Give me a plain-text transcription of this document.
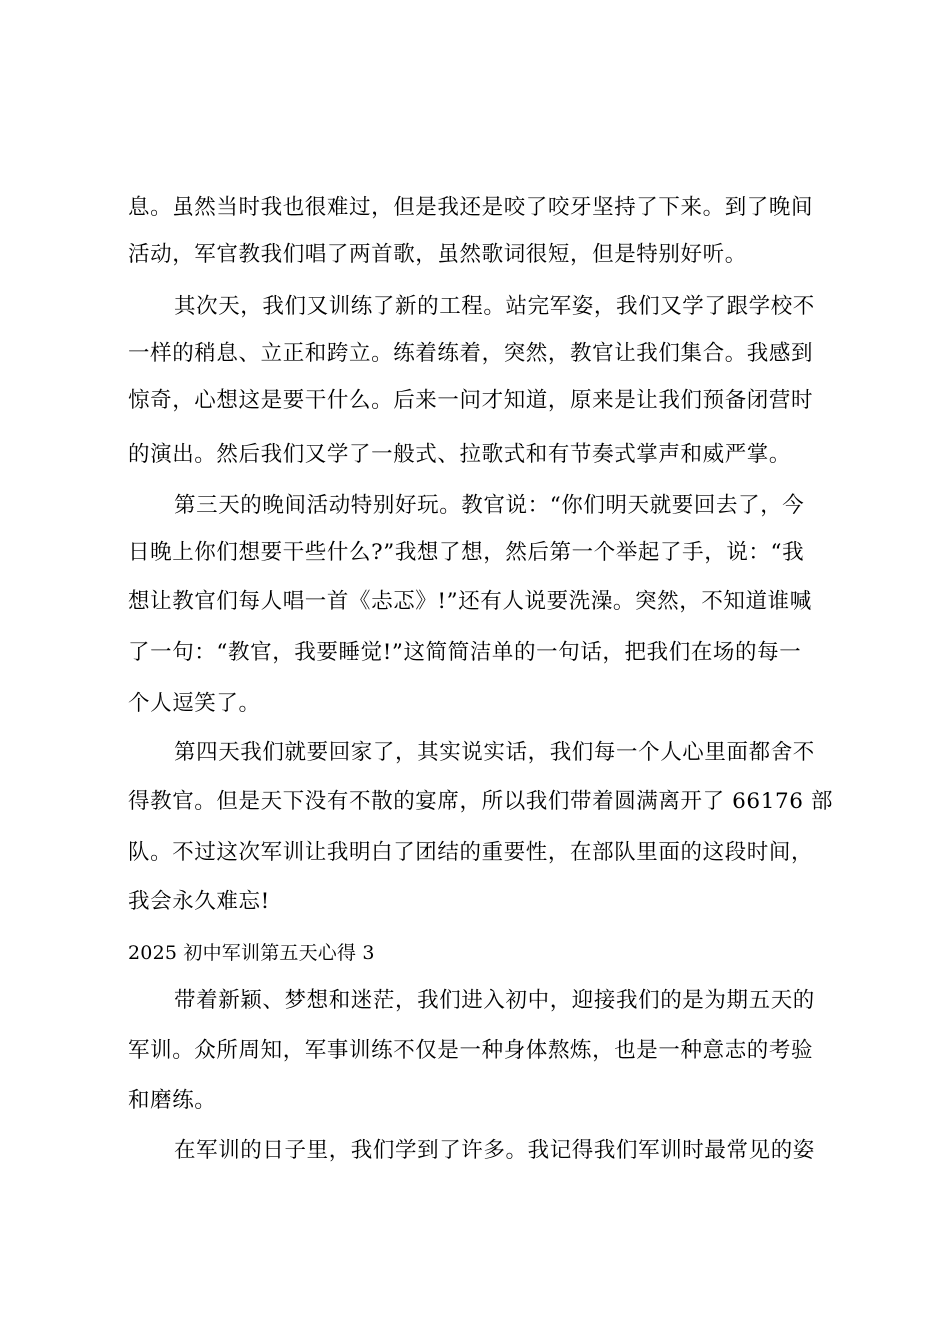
息。虽然当时我也很难过，但是我还是咬了咬牙坚持了下来。到了晚间
活动，军官教我们唱了两首歌，虽然歌词很短，但是特别好听。
其次天，我们又训练了新的工程。站完军姿，我们又学了跟学校不
一样的稍息、立正和跨立。练着练着，突然，教官让我们集合。我感到
惊奇，心想这是要干什么。后来一问才知道，原来是让我们预备闭营时
的演出。然后我们又学了一般式、拉歌式和有节奏式掌声和威严掌。
第三天的晚间活动特别好玩。教官说：“你们明天就要回去了，今
日晚上你们想要干些什么?”我想了想，然后第一个举起了手，说：“我
想让教官们每人唱一首《忐忑》!”还有人说要洗澡。突然，不知道谁喊
了一句：“教官，我要睡觉!”这简简洁单的一句话，把我们在场的每一
个人逗笑了。
第四天我们就要回家了，其实说实话，我们每一个人心里面都舍不
得教官。但是天下没有不散的宴席，所以我们带着圆满离开了 66176 部
队。不过这次军训让我明白了团结的重要性，在部队里面的这段时间，
我会永久难忘!
2025 初中军训第五天心得 3
带着新颖、梦想和迷茫，我们进入初中，迎接我们的是为期五天的
军训。众所周知，军事训练不仅是一种身体熬炼，也是一种意志的考验
和磨练。
在军训的日子里，我们学到了许多。我记得我们军训时最常见的姿
